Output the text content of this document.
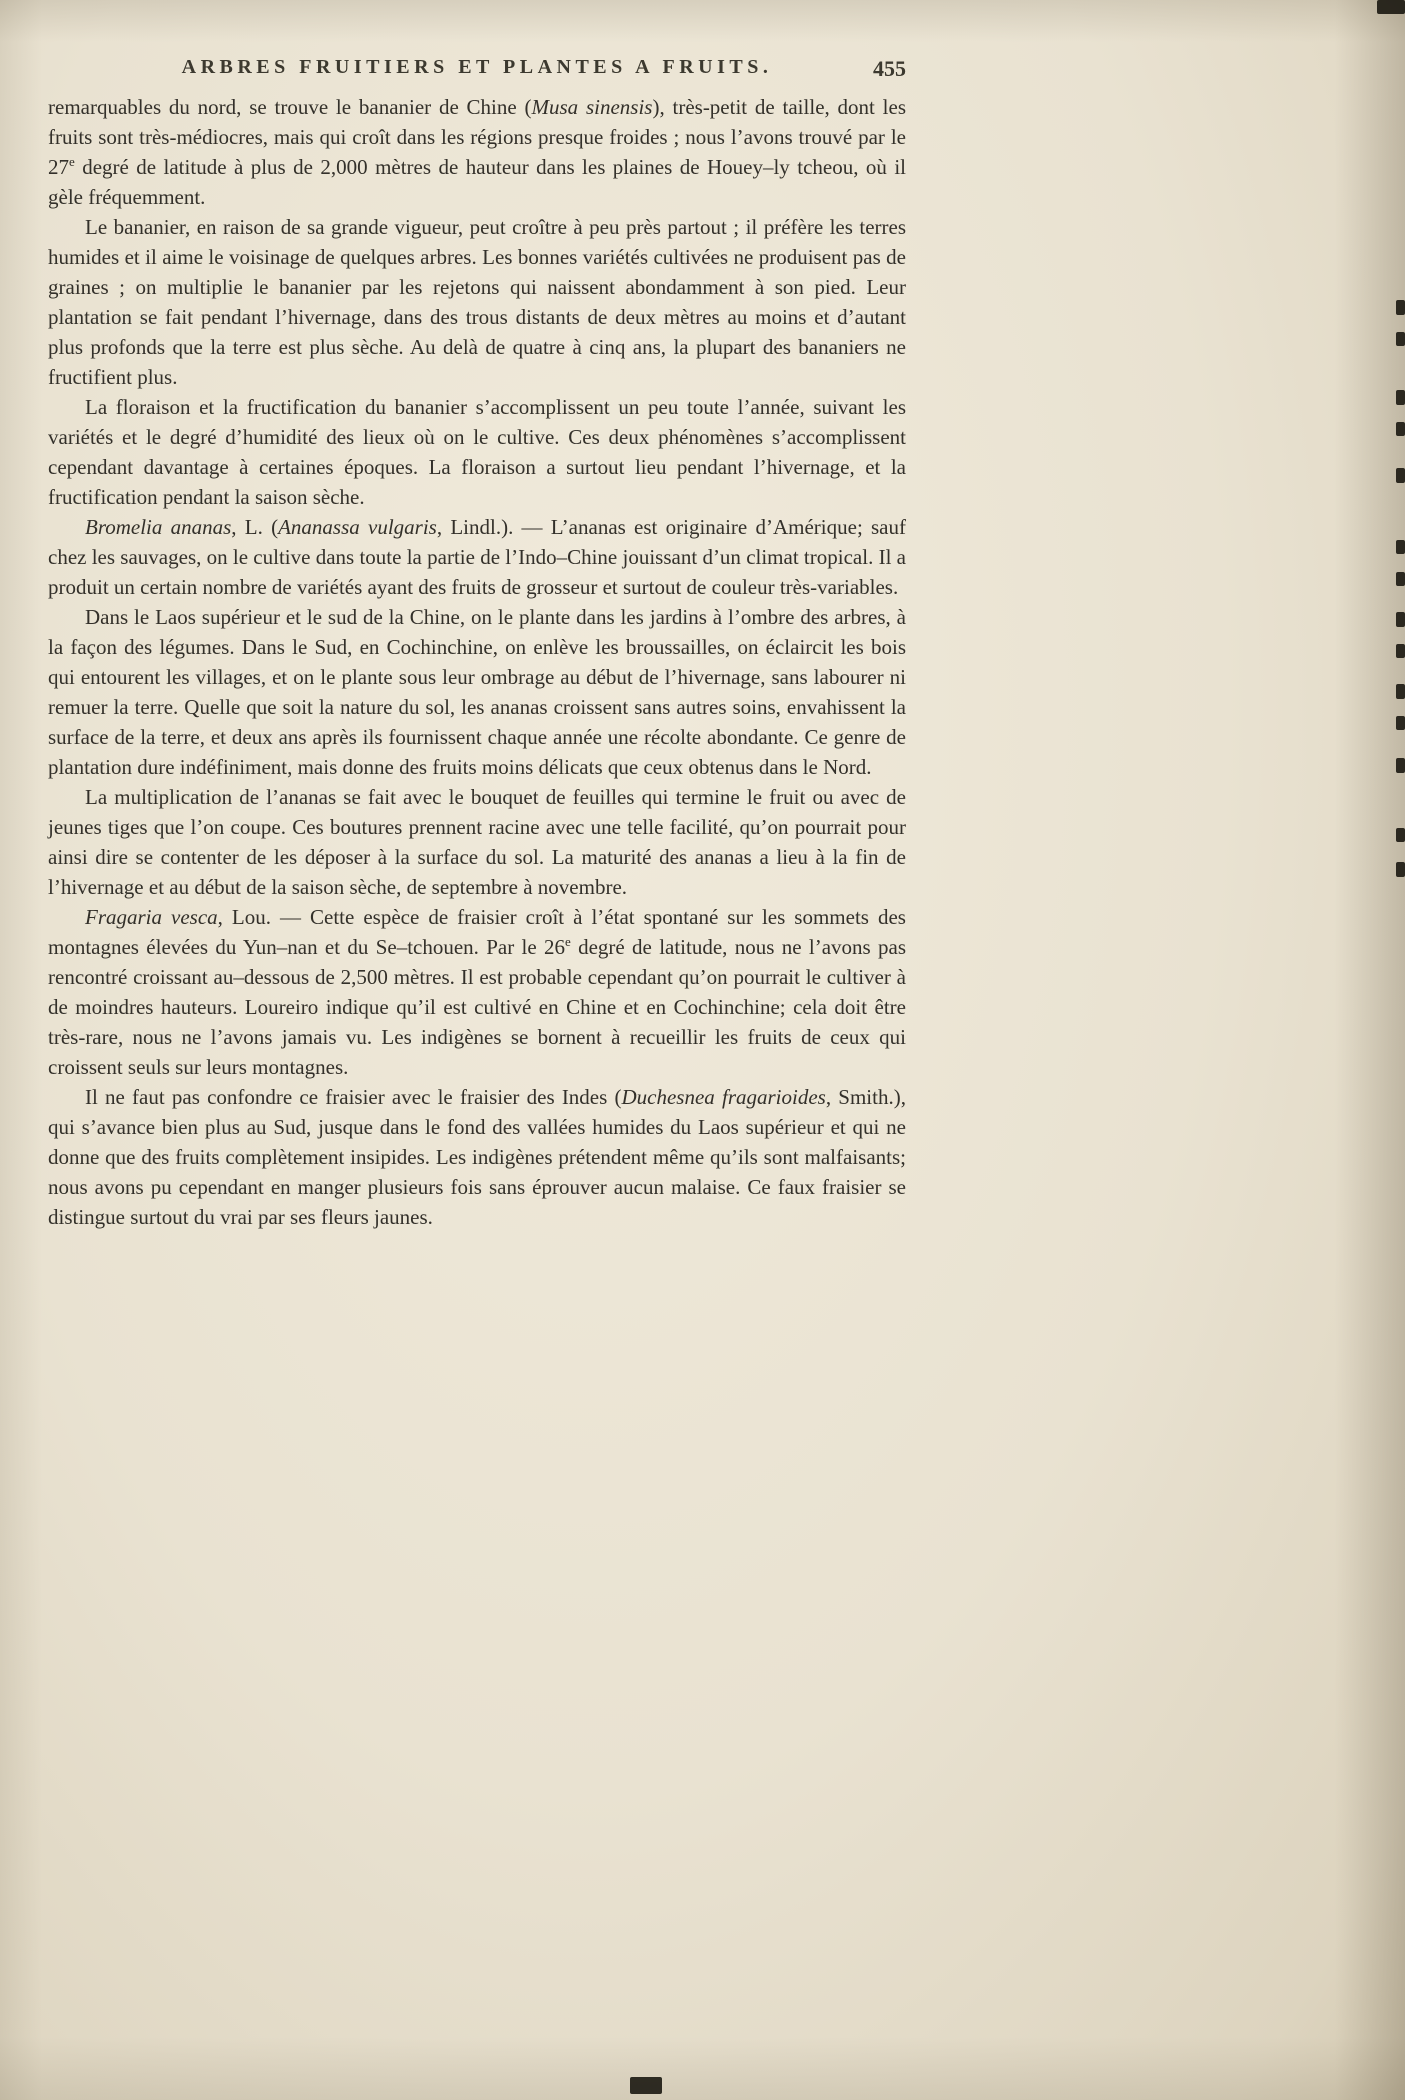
ARBRES FRUITIERS ET PLANTES A FRUITS.	455

remarquables du nord, se trouve le bananier de Chine (Musa sinensis), très-petit de taille, dont les fruits sont très-médiocres, mais qui croît dans les régions presque froides ; nous l’avons trouvé par le 27e degré de latitude à plus de 2,000 mètres de hauteur dans les plaines de Houey–ly tcheou, où il gèle fréquemment.

Le bananier, en raison de sa grande vigueur, peut croître à peu près partout ; il préfère les terres humides et il aime le voisinage de quelques arbres. Les bonnes variétés cultivées ne produisent pas de graines ; on multiplie le bananier par les rejetons qui naissent abondamment à son pied. Leur plantation se fait pendant l’hivernage, dans des trous distants de deux mètres au moins et d’autant plus profonds que la terre est plus sèche. Au delà de quatre à cinq ans, la plupart des bananiers ne fructifient plus.

La floraison et la fructification du bananier s’accomplissent un peu toute l’année, suivant les variétés et le degré d’humidité des lieux où on le cultive. Ces deux phénomènes s’accomplissent cependant davantage à certaines époques. La floraison a surtout lieu pendant l’hivernage, et la fructification pendant la saison sèche.

Bromelia ananas, L. (Ananassa vulgaris, Lindl.). — L’ananas est originaire d’Amérique; sauf chez les sauvages, on le cultive dans toute la partie de l’Indo–Chine jouissant d’un climat tropical. Il a produit un certain nombre de variétés ayant des fruits de grosseur et surtout de couleur très-variables.

Dans le Laos supérieur et le sud de la Chine, on le plante dans les jardins à l’ombre des arbres, à la façon des légumes. Dans le Sud, en Cochinchine, on enlève les broussailles, on éclaircit les bois qui entourent les villages, et on le plante sous leur ombrage au début de l’hivernage, sans labourer ni remuer la terre. Quelle que soit la nature du sol, les ananas croissent sans autres soins, envahissent la surface de la terre, et deux ans après ils fournissent chaque année une récolte abondante. Ce genre de plantation dure indéfiniment, mais donne des fruits moins délicats que ceux obtenus dans le Nord.

La multiplication de l’ananas se fait avec le bouquet de feuilles qui termine le fruit ou avec de jeunes tiges que l’on coupe. Ces boutures prennent racine avec une telle facilité, qu’on pourrait pour ainsi dire se contenter de les déposer à la surface du sol. La maturité des ananas a lieu à la fin de l’hivernage et au début de la saison sèche, de septembre à novembre.

Fragaria vesca, Lou. — Cette espèce de fraisier croît à l’état spontané sur les sommets des montagnes élevées du Yun–nan et du Se–tchouen. Par le 26e degré de latitude, nous ne l’avons pas rencontré croissant au–dessous de 2,500 mètres. Il est probable cependant qu’on pourrait le cultiver à de moindres hauteurs. Loureiro indique qu’il est cultivé en Chine et en Cochinchine; cela doit être très-rare, nous ne l’avons jamais vu. Les indigènes se bornent à recueillir les fruits de ceux qui croissent seuls sur leurs montagnes.

Il ne faut pas confondre ce fraisier avec le fraisier des Indes (Duchesnea fragarioides, Smith.), qui s’avance bien plus au Sud, jusque dans le fond des vallées humides du Laos supérieur et qui ne donne que des fruits complètement insipides. Les indigènes prétendent même qu’ils sont malfaisants; nous avons pu cependant en manger plusieurs fois sans éprouver aucun malaise. Ce faux fraisier se distingue surtout du vrai par ses fleurs jaunes.
